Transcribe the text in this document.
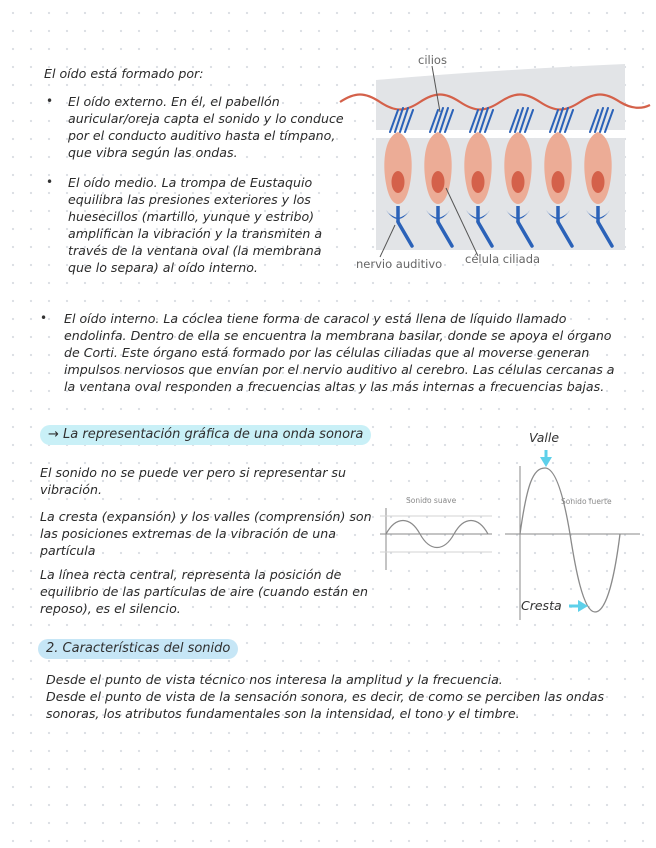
El oído está formado por:

• El oído externo. En él, el pabellón auricular/oreja capta el sonido y lo conduce por el conducto auditivo hasta el tímpano, que vibra según las ondas.

• El oído medio. La trompa de Eustaquio equilibra las presiones exteriores y los huesecillos (martillo, yunque y estribo) amplifican la vibración y la transmiten a través de la ventana oval (la membrana que lo separa) al oído interno.

• El oído interno. La cóclea tiene forma de caracol y está llena de líquido llamado endolinfa. Dentro de ella se encuentra la membrana basilar, donde se apoya el órgano de Corti. Este órgano está formado por las células ciliadas que al moverse generan impulsos nerviosos que envían por el nervio auditivo al cerebro. Las células cercanas a la ventana oval responden a frecuencias altas y las más internas a frecuencias bajas.

cilios
nervio auditivo célula ciliada
→ La representación gráfica de una onda sonora

El sonido no se puede ver pero si representar su vibración.

La cresta (expansión) y los valles (comprensión) son las posiciones extremas de la vibración de una partícula

La línea recta central, representa la posición de equilibrio de las partículas de aire (cuando están en reposo), es el silencio.

Sonido suave
Valle
Sonido fuerte
Cresta
2. Características del sonido

Desde el punto de vista técnico nos interesa la amplitud y la frecuencia.

Desde el punto de vista de la sensación sonora, es decir, de como se perciben las ondas sonoras, los atributos fundamentales son la intensidad, el tono y el timbre.
